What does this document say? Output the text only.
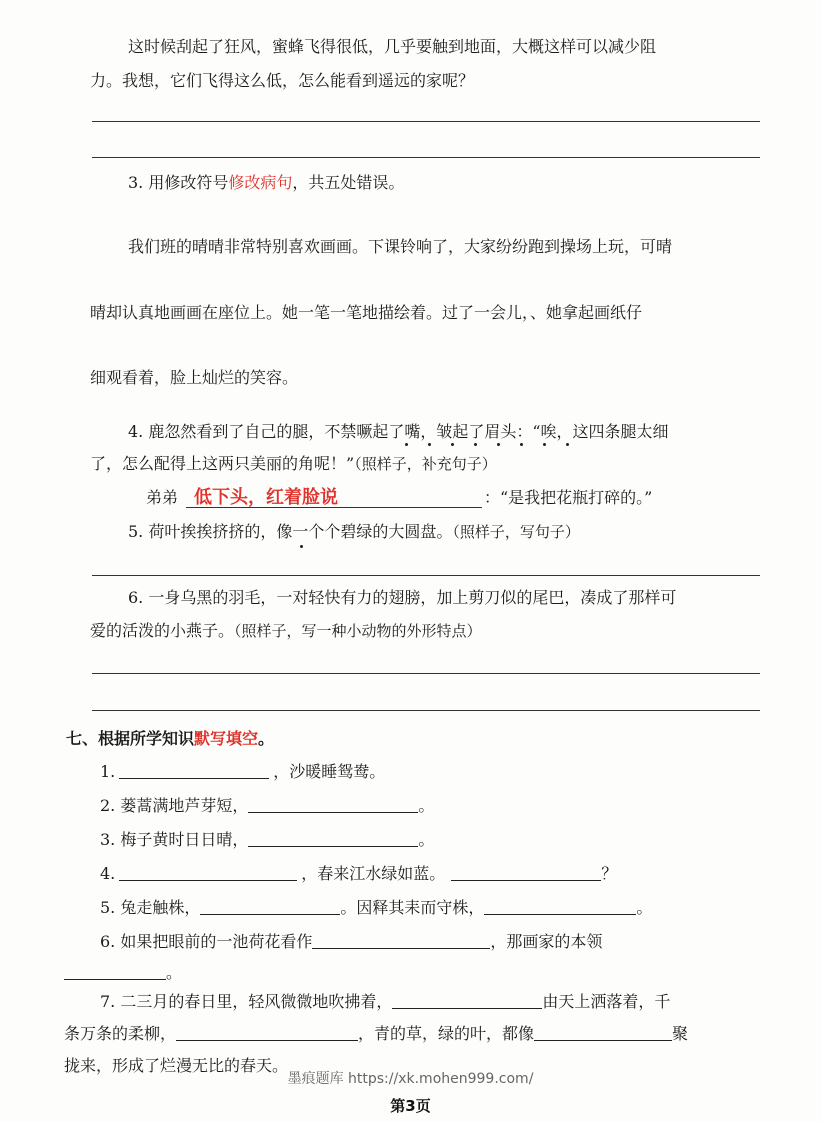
这时候刮起了狂风，蜜蜂飞得很低，几乎要触到地面，大概这样可以减少阻
力。我想，它们飞得这么低，怎么能看到遥远的家呢？
3. 用修改符号修改病句，共五处错误。
我们班的晴晴非常特别喜欢画画。下课铃响了，大家纷纷跑到操场上玩，可晴
晴却认真地画画在座位上。她一笔一笔地描绘着。过了一会儿，、她拿起画纸仔
细观看着，脸上灿烂的笑容。
4. 鹿忽然看到了自己的腿，不禁噘起了嘴，皱起了眉头：“唉，这四条腿太细
了，怎么配得上这两只美丽的角呢！”（照样子，补充句子）
弟弟 低下头，红着脸说	：“是我把花瓶打碎的。”
5. 荷叶挨挨挤挤的，像一个个碧绿的大圆盘。（照样子，写句子）
6. 一身乌黑的羽毛，一对轻快有力的翅膀，加上剪刀似的尾巴，凑成了那样可
爱的活泼的小燕子。（照样子，写一种小动物的外形特点）
七、根据所学知识默写填空。
1.	，沙暖睡鸳鸯。
2. 蒌蒿满地芦芽短，	。
3. 梅子黄时日日晴，	。
4.	，春来江水绿如蓝。	？
5. 兔走触株，	。因释其耒而守株，	。
6. 如果把眼前的一池荷花看作	，那画家的本领
。
7. 二三月的春日里，轻风微微地吹拂着，	由天上洒落着，千
条万条的柔柳，	，青的草，绿的叶，都像	聚
拢来，形成了烂漫无比的春天。
墨痕题库 https://xk.mohen999.com/
第3页
